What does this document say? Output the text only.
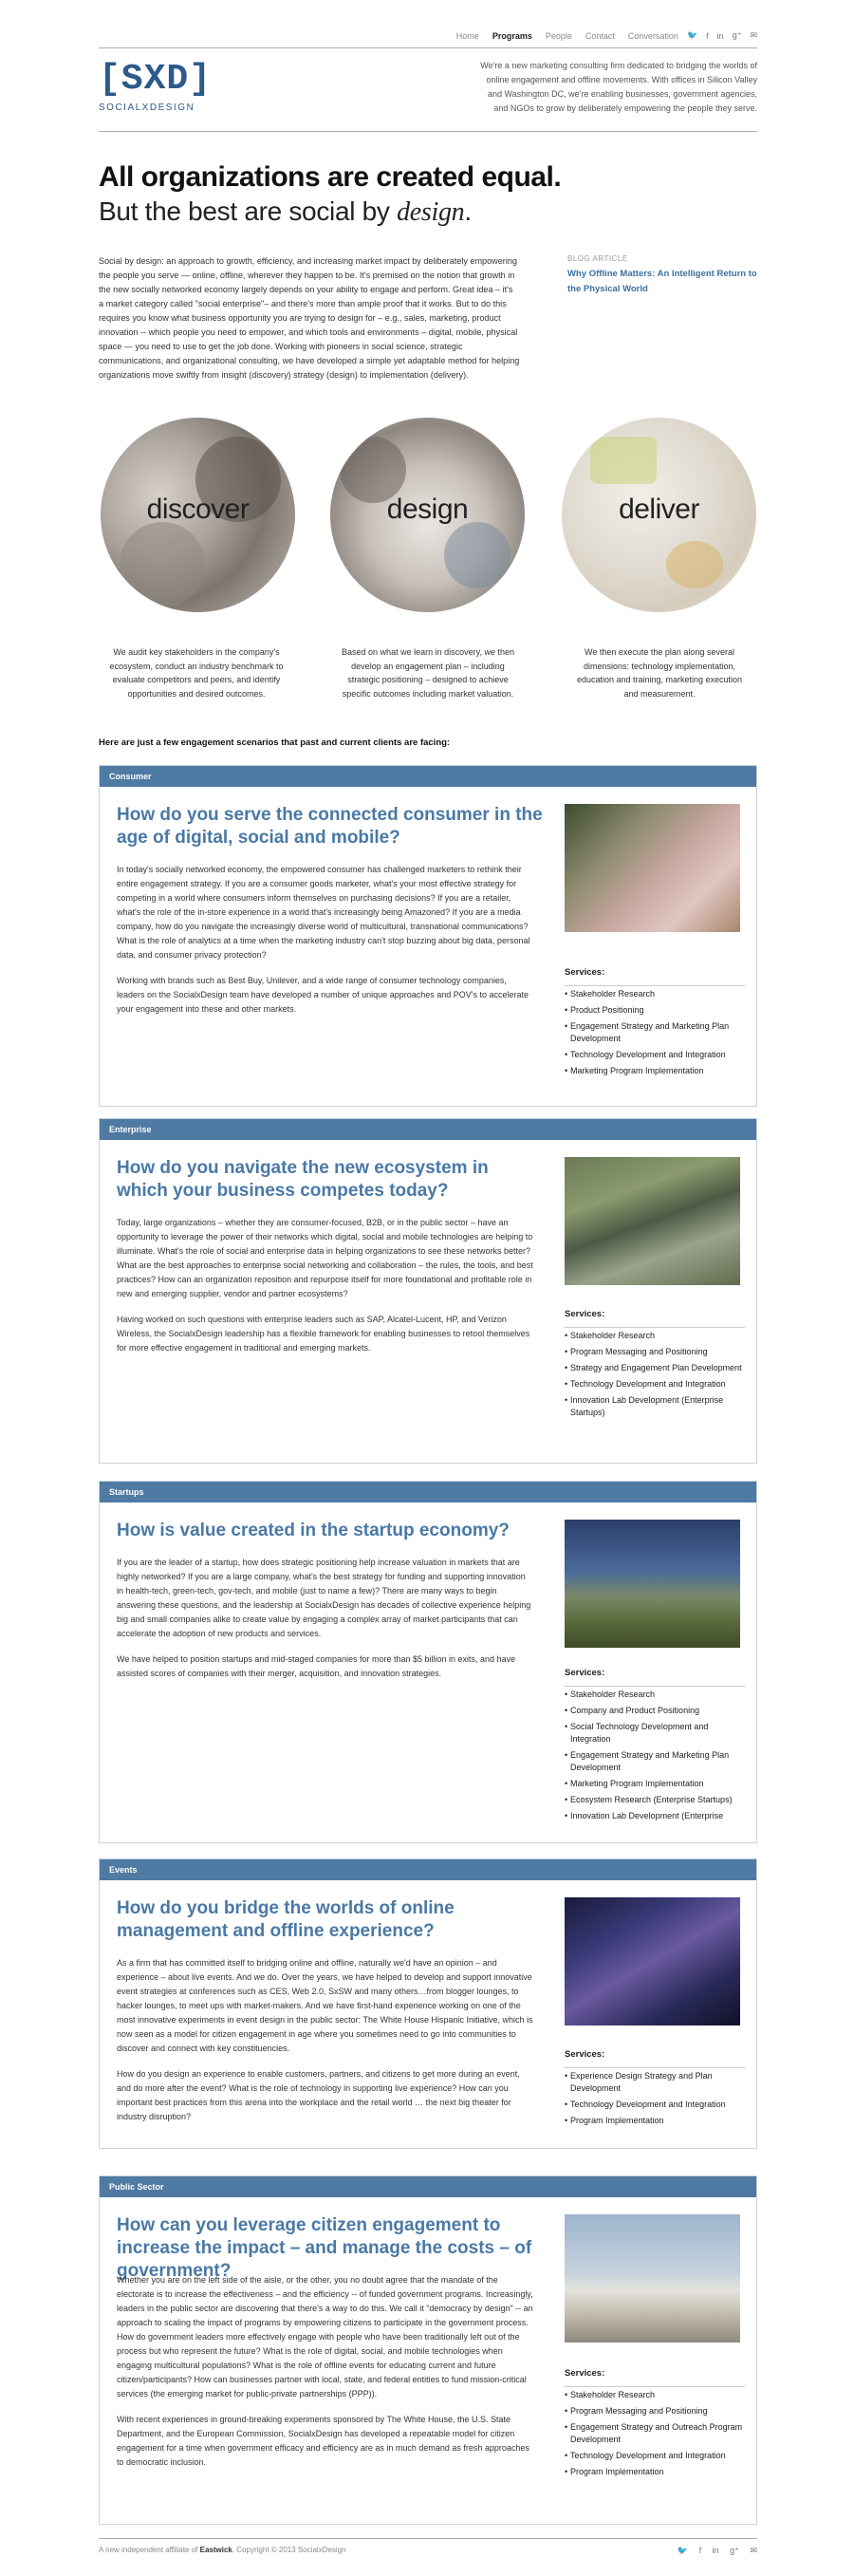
Home Programs People Contact Conversation 🐦 f in g⁺ ✉
[SXD]
SOCIALXDESIGN
We're a new marketing consulting firm dedicated to bridging the worlds of online engagement and offline movements. With offices in Silicon Valley and Washington DC, we're enabling businesses, government agencies, and NGOs to grow by deliberately empowering the people they serve.
All organizations are created equal.
But the best are social by design.
Social by design: an approach to growth, efficiency, and increasing market impact by deliberately empowering the people you serve — online, offline, wherever they happen to be. It's premised on the notion that growth in the new socially networked economy largely depends on your ability to engage and perform. Great idea – it's a market category called "social enterprise"– and there's more than ample proof that it works. But to do this requires you know what business opportunity you are trying to design for – e.g., sales, marketing, product innovation -- which people you need to empower, and which tools and environments – digital, mobile, physical space — you need to use to get the job done. Working with pioneers in social science, strategic communications, and organizational consulting, we have developed a simple yet adaptable method for helping organizations move swiftly from insight (discovery) strategy (design) to implementation (delivery).
BLOG ARTICLE
Why Offline Matters: An Intelligent Return to the Physical World
discover	design	deliver
We audit key stakeholders in the company's ecosystem, conduct an industry benchmark to evaluate competitors and peers, and identify opportunities and desired outcomes.
Based on what we learn in discovery, we then develop an engagement plan – including strategic positioning – designed to achieve specific outcomes including market valuation.
We then execute the plan along several dimensions: technology implementation, education and training, marketing execution and measurement.
Here are just a few engagement scenarios that past and current clients are facing:
Consumer
How do you serve the connected consumer in the age of digital, social and mobile?

In today's socially networked economy, the empowered consumer has challenged marketers to rethink their entire engagement strategy. If you are a consumer goods marketer, what's your most effective strategy for competing in a world where consumers inform themselves on purchasing decisions? If you are a retailer, what's the role of the in-store experience in a world that's increasingly being Amazoned? If you are a media company, how do you navigate the increasingly diverse world of multicultural, transnational communications? What is the role of analytics at a time when the marketing industry can't stop buzzing about big data, personal data, and consumer privacy protection?

Working with brands such as Best Buy, Unilever, and a wide range of consumer technology companies, leaders on the SocialxDesign team have developed a number of unique approaches and POV's to accelerate your engagement into these and other markets.

Services:
• Stakeholder Research
• Product Positioning
• Engagement Strategy and Marketing Plan Development
• Technology Development and Integration
• Marketing Program Implementation
Enterprise
How do you navigate the new ecosystem in which your business competes today?

Today, large organizations – whether they are consumer-focused, B2B, or in the public sector – have an opportunity to leverage the power of their networks which digital, social and mobile technologies are helping to illuminate. What's the role of social and enterprise data in helping organizations to see these networks better? What are the best approaches to enterprise social networking and collaboration – the rules, the tools, and best practices? How can an organization reposition and repurpose itself for more foundational and profitable role in new and emerging supplier, vendor and partner ecosystems?

Having worked on such questions with enterprise leaders such as SAP, Alcatel-Lucent, HP, and Verizon Wireless, the SocialxDesign leadership has a flexible framework for enabling businesses to retool themselves for more effective engagement in traditional and emerging markets.

Services:
• Stakeholder Research
• Program Messaging and Positioning
• Strategy and Engagement Plan Development
• Technology Development and Integration
• Innovation Lab Development (Enterprise Startups)
Startups
How is value created in the startup economy?

If you are the leader of a startup, how does strategic positioning help increase valuation in markets that are highly networked? If you are a large company, what's the best strategy for funding and supporting innovation in health-tech, green-tech, gov-tech, and mobile (just to name a few)? There are many ways to begin answering these questions, and the leadership at SocialxDesign has decades of collective experience helping big and small companies alike to create value by engaging a complex array of market participants that can accelerate the adoption of new products and services.

We have helped to position startups and mid-staged companies for more than $5 billion in exits, and have assisted scores of companies with their merger, acquisition, and innovation strategies.	Services:
• Stakeholder Research
• Company and Product Positioning
• Social Technology Development and Integration
• Engagement Strategy and Marketing Plan Development
• Marketing Program Implementation
• Ecosystem Research (Enterprise Startups)
• Innovation Lab Development (Enterprise
Events
How do you bridge the worlds of online management and offline experience?

As a firm that has committed itself to bridging online and offline, naturally we'd have an opinion – and experience – about live events. And we do. Over the years, we have helped to develop and support innovative event strategies at conferences such as CES, Web 2.0, SxSW and many others…from blogger lounges, to hacker lounges, to meet ups with market-makers. And we have first-hand experience working on one of the most innovative experiments in event design in the public sector: The White House Hispanic Initiative, which is now seen as a model for citizen engagement in age where you sometimes need to go into communities to discover and connect with key constituencies.

How do you design an experience to enable customers, partners, and citizens to get more during an event, and do more after the event? What is the role of technology in supporting live experience? How can you important best practices from this arena into the workplace and the retail world … the next big theater for industry disruption?

Services:
• Experience Design Strategy and Plan Development
• Technology Development and Integration
• Program Implementation
Public Sector
How can you leverage citizen engagement to increase the impact – and manage the costs – of government?

Whether you are on the left side of the aisle, or the other, you no doubt agree that the mandate of the electorate is to increase the effectiveness – and the efficiency -- of funded government programs. Increasingly, leaders in the public sector are discovering that there's a way to do this. We call it "democracy by design" -- an approach to scaling the impact of programs by empowering citizens to participate in the government process. How do government leaders more effectively engage with people who have been traditionally left out of the process but who represent the future? What is the role of digital, social, and mobile technologies when engaging multicultural populations? What is the role of offline events for educating current and future citizen/participants? How can businesses partner with local, state, and federal entities to fund mission-critical services (the emerging market for public-private partnerships (PPP)).

With recent experiences in ground-breaking experiments sponsored by The White House, the U.S. State Department, and the European Commission, SocialxDesign has developed a repeatable model for citizen engagement for a time when government efficacy and efficiency are as in much demand as fresh approaches to democratic inclusion.

Services:
• Stakeholder Research
• Program Messaging and Positioning
• Engagement Strategy and Outreach Program Development
• Technology Development and Integration
• Program Implementation
A new independent affiliate of Eastwick. Copyright © 2013 SocialxDesign	🐦 f in g⁺ ✉
